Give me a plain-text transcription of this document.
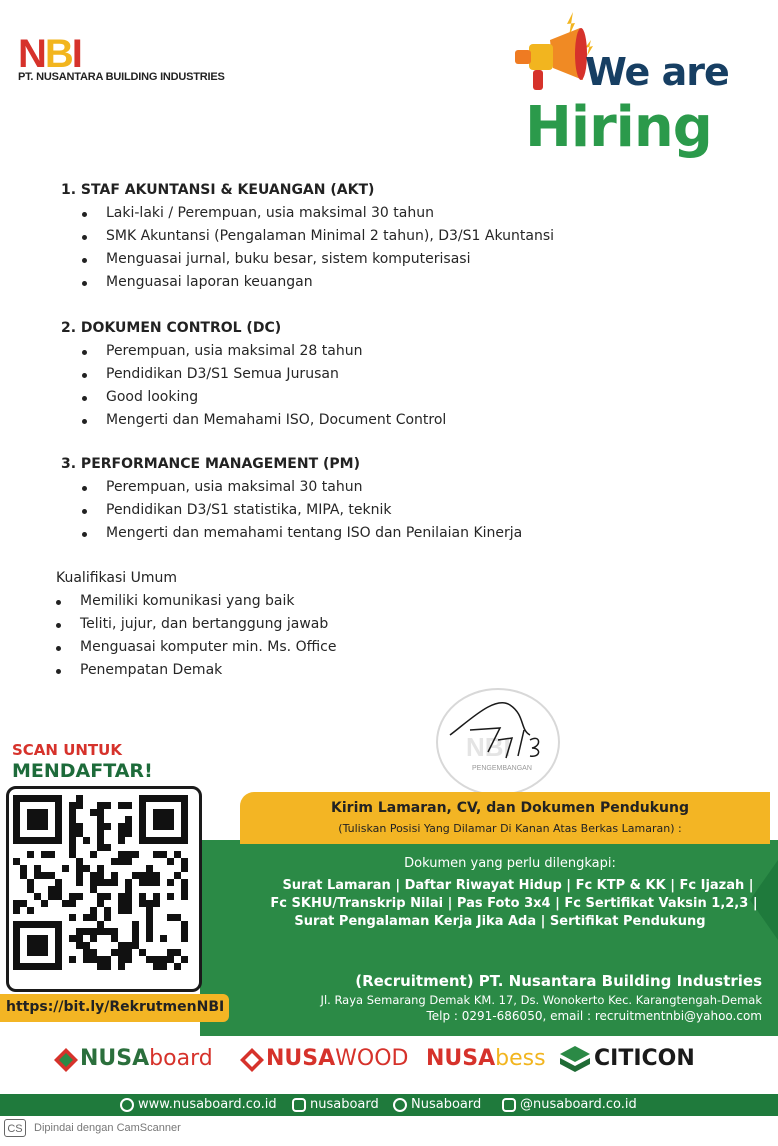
NBI
PT. NUSANTARA BUILDING INDUSTRIES	We are
Hiring
1. STAF AKUNTANSI & KEUANGAN (AKT)
Laki-laki / Perempuan, usia maksimal 30 tahun
SMK Akuntansi (Pengalaman Minimal 2 tahun), D3/S1 Akuntansi
Menguasai jurnal, buku besar, sistem komputerisasi
Menguasai laporan keuangan
2. DOKUMEN CONTROL (DC)
Perempuan, usia maksimal 28 tahun
Pendidikan D3/S1 Semua Jurusan
Good looking
Mengerti dan Memahami ISO, Document Control
3. PERFORMANCE MANAGEMENT (PM)
Perempuan, usia maksimal 30 tahun
Pendidikan D3/S1 statistika, MIPA, teknik
Mengerti dan memahami tentang ISO dan Penilaian Kinerja
Kualifikasi Umum
Memiliki komunikasi yang baik
Teliti, jujur, dan bertanggung jawab
Menguasai komputer min. Ms. Office
Penempatan Demak
NBI
PENGEMBANGAN
Kirim Lamaran, CV, dan Dokumen Pendukung
(Tuliskan Posisi Yang Dilamar Di Kanan Atas Berkas Lamaran) :
Dokumen yang perlu dilengkapi:
Surat Lamaran | Daftar Riwayat Hidup | Fc KTP & KK | Fc Ijazah |
Fc SKHU/Transkrip Nilai | Pas Foto 3x4 | Fc Sertifikat Vaksin 1,2,3 |
Surat Pengalaman Kerja Jika Ada | Sertifikat Pendukung
(Recruitment) PT. Nusantara Building Industries
Jl. Raya Semarang Demak KM. 17, Ds. Wonokerto Kec. Karangtengah-Demak
Telp : 0291-686050, email : recruitmentnbi@yahoo.com
SCAN UNTUK
MENDAFTAR!
https://bit.ly/RekrutmenNBI
NUSAboard NUSAWOOD NUSAbess CITICON
www.nusaboard.co.id	nusaboard	Nusaboard	@nusaboard.co.id
CS	Dipindai dengan CamScanner
